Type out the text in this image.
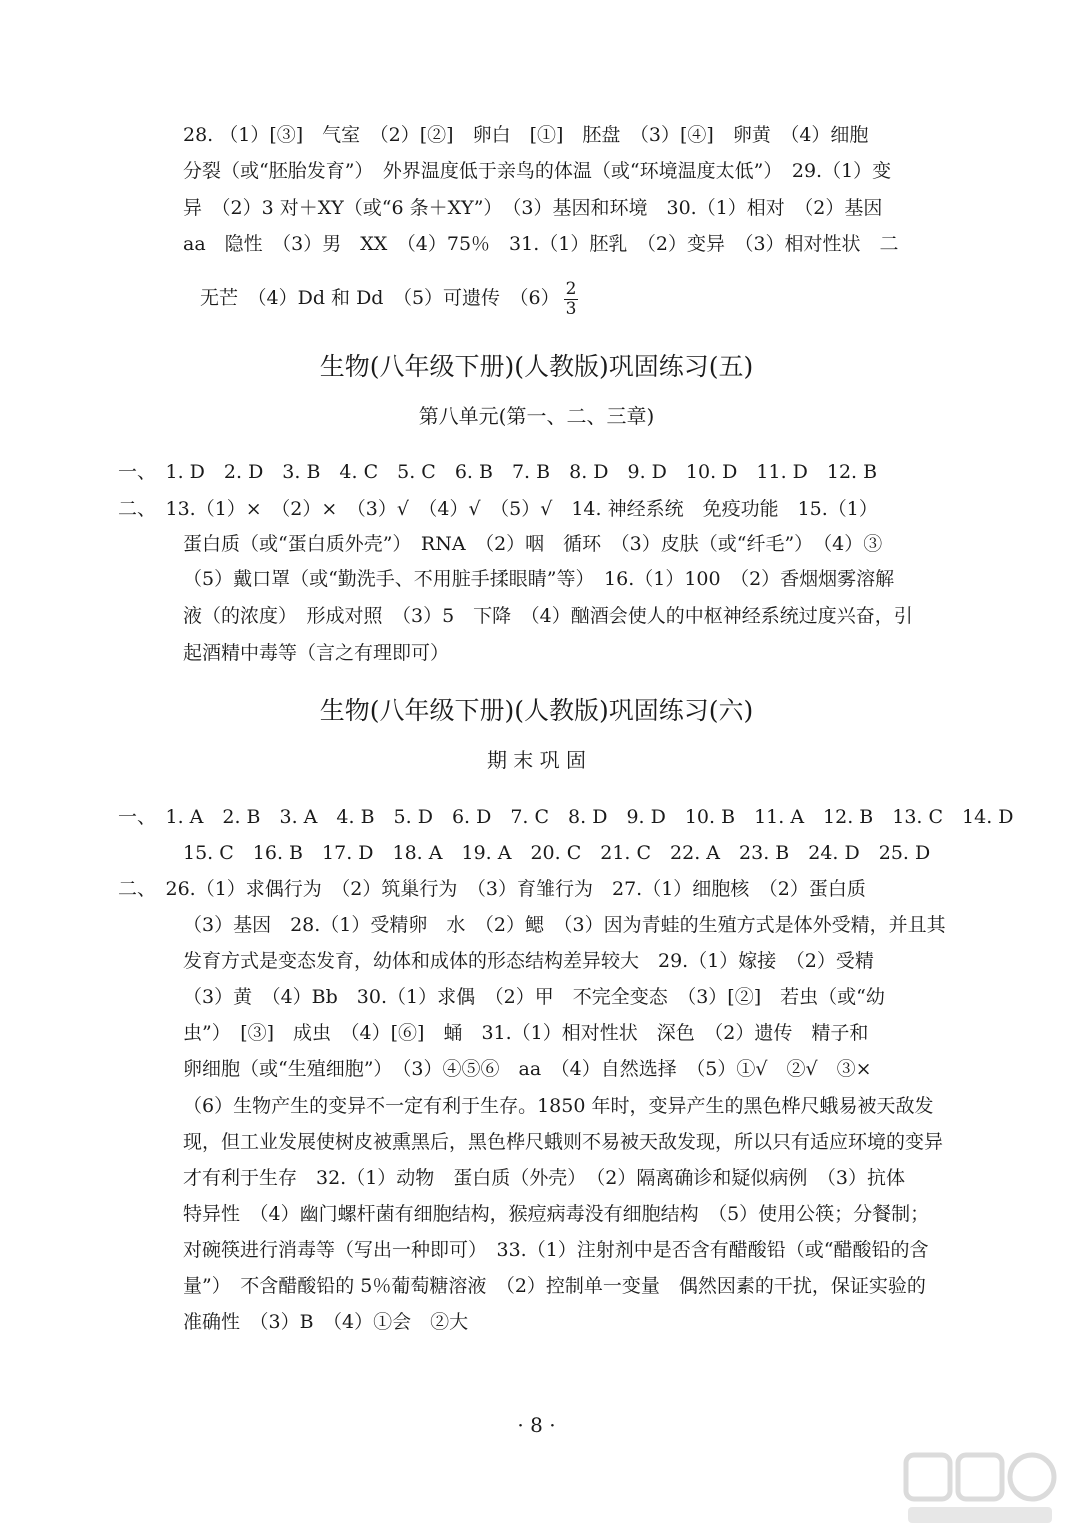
28. （1）[③]　气室　（2）[②]　卵白　[①]　胚盘　（3）[④]　卵黄　（4）细胞
分裂（或“胚胎发育”）　外界温度低于亲鸟的体温（或“环境温度太低”）　29.（1）变
异　（2）3 对＋XY（或“6 条＋XY”）　（3）基因和环境　30.（1）相对　（2）基因
aa　隐性　（3）男　XX　（4）75％　31.（1）胚乳　（2）变异　（3）相对性状　二
无芒　（4）Dd 和 Dd　（5）可遗传　$(6) \frac{2}{3}$
生物(八年级下册)(人教版)巩固练习(五)
第八单元(第一、二、三章)
一、　1. D　2. D　3. B　4. C　5. C　6. B　7. B　8. D　9. D　10. D　11. D　12. B
二、　13.（1）×　（2）×　（3）√　（4）√　（5）√　14. 神经系统　免疫功能　15.（1）
蛋白质（或“蛋白质外壳”）　RNA　（2）咽　循环　（3）皮肤（或“纤毛”）　（4）③
（5）戴口罩（或“勤洗手、不用脏手揉眼睛”等）　16.（1）100　（2）香烟烟雾溶解
液（的浓度）　形成对照　（3）5　下降　（4）酗酒会使人的中枢神经系统过度兴奋，引
起酒精中毒等（言之有理即可）
生物(八年级下册)(人教版)巩固练习(六)
期 末 巩 固
一、　1. A　2. B　3. A　4. B　5. D　6. D　7. C　8. D　9. D　10. B　11. A　12. B　13. C　14. D
15. C　16. B　17. D　18. A　19. A　20. C　21. C　22. A　23. B　24. D　25. D
二、　26.（1）求偶行为　（2）筑巢行为　（3）育雏行为　27.（1）细胞核　（2）蛋白质
（3）基因　28.（1）受精卵　水　（2）鳃　（3）因为青蛙的生殖方式是体外受精，并且其
发育方式是变态发育，幼体和成体的形态结构差异较大　29.（1）嫁接　（2）受精
（3）黄　（4）Bb　30.（1）求偶　（2）甲　不完全变态　（3）[②]　若虫（或“幼
虫”）　[③]　成虫　（4）[⑥]　蛹　31.（1）相对性状　深色　（2）遗传　精子和
卵细胞（或“生殖细胞”）　（3）④⑤⑥　aa　（4）自然选择　（5）①√　②√　③×
（6）生物产生的变异不一定有利于生存。1850 年时，变异产生的黑色桦尺蛾易被天敌发
现，但工业发展使树皮被熏黑后，黑色桦尺蛾则不易被天敌发现，所以只有适应环境的变异
才有利于生存　32.（1）动物　蛋白质（外壳）　（2）隔离确诊和疑似病例　（3）抗体
特异性　（4）幽门螺杆菌有细胞结构，猴痘病毒没有细胞结构　（5）使用公筷；分餐制；
对碗筷进行消毒等（写出一种即可）　33.（1）注射剂中是否含有醋酸铅（或“醋酸铅的含
量”）　不含醋酸铅的 5％葡萄糖溶液　（2）控制单一变量　偶然因素的干扰，保证实验的
准确性　（3）B　（4）①会　②大
· 8 ·
